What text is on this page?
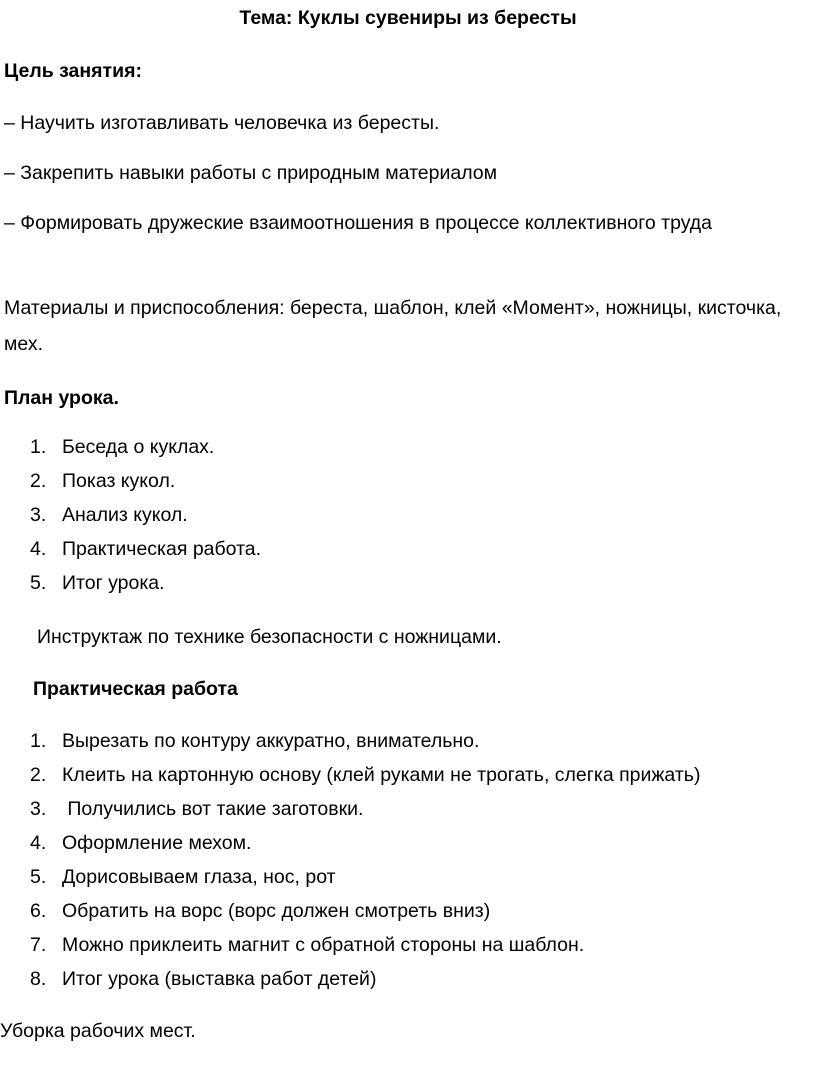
Тема: Куклы сувениры из бересты

Цель занятия:

– Научить изготавливать человечка из бересты.

– Закрепить навыки работы с природным материалом

– Формировать дружеские взаимоотношения в процессе коллективного труда

Материалы и приспособления: береста, шаблон, клей «Момент», ножницы, кисточка, мех.

План урока.

1. Беседа о куклах.
2. Показ кукол.
3. Анализ кукол.
4. Практическая работа.
5. Итог урока.

Инструктаж по технике безопасности с ножницами.

Практическая работа

1. Вырезать по контуру аккуратно, внимательно.
2. Клеить на картонную основу (клей руками не трогать, слегка прижать)
3. Получились вот такие заготовки.
4. Оформление мехом.
5. Дорисовываем глаза, нос, рот
6. Обратить на ворс (ворс должен смотреть вниз)
7. Можно приклеить магнит с обратной стороны на шаблон.
8. Итог урока (выставка работ детей)

Уборка рабочих мест.
